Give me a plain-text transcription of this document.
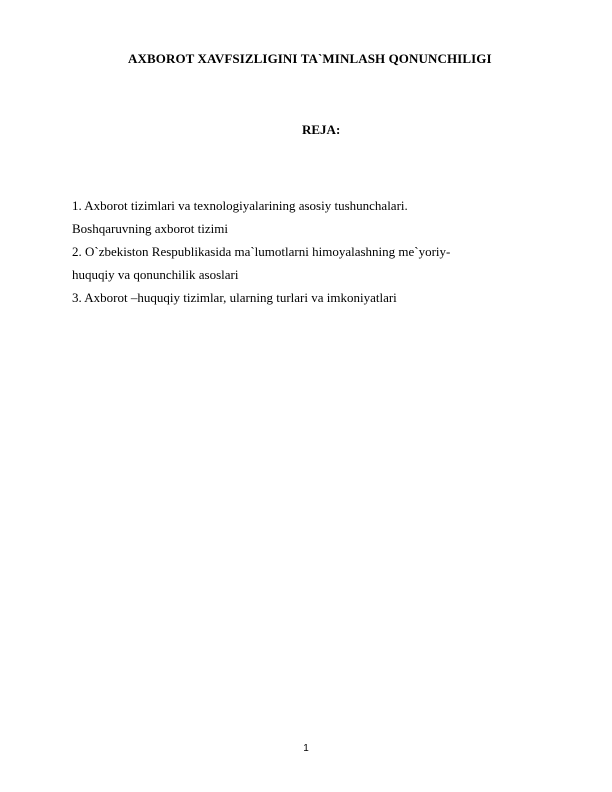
AXBOROT XAVFSIZLIGINI TA`MINLASH QONUNCHILIGI
REJA:
1. Axborot tizimlari va texnologiyalarining asosiy tushunchalari.
Boshqaruvning axborot tizimi
2. O`zbekiston Respublikasida ma`lumotlarni himoyalashning me`yoriy-
huquqiy va qonunchilik asoslari
3. Axborot –huquqiy tizimlar, ularning turlari va imkoniyatlari
1
